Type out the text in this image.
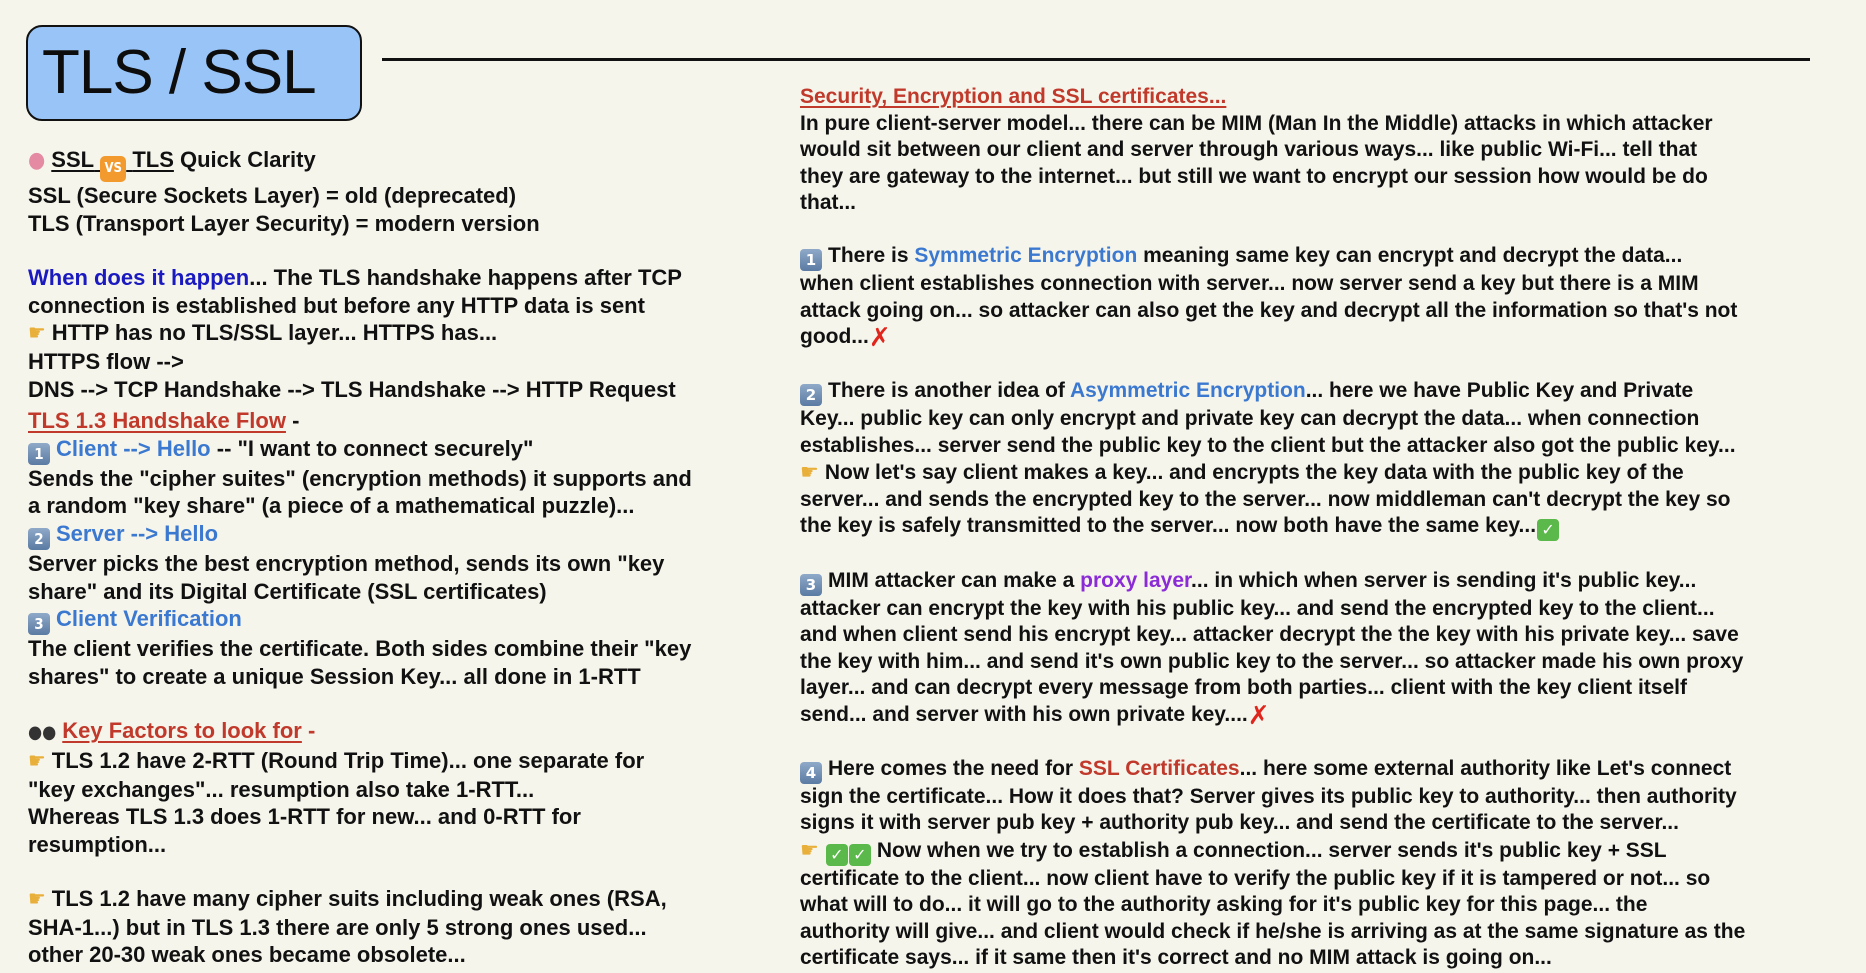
TLS / SSL
● SSL VS TLS Quick Clarity
SSL (Secure Sockets Layer) = old (deprecated)
TLS (Transport Layer Security) = modern version
When does it happen... The TLS handshake happens after TCP
connection is established but before any HTTP data is sent
☛ HTTP has no TLS/SSL layer... HTTPS has...
HTTPS flow -->
DNS --> TCP Handshake --> TLS Handshake --> HTTP Request
TLS 1.3 Handshake Flow -
1 Client --> Hello -- "I want to connect securely"
Sends the "cipher suites" (encryption methods) it supports and
a random "key share" (a piece of a mathematical puzzle)...
2 Server --> Hello
Server picks the best encryption method, sends its own "key
share" and its Digital Certificate (SSL certificates)
3 Client Verification
The client verifies the certificate. Both sides combine their "key
shares" to create a unique Session Key... all done in 1-RTT
●● Key Factors to look for -
☛ TLS 1.2 have 2-RTT (Round Trip Time)... one separate for
"key exchanges"... resumption also take 1-RTT...
Whereas TLS 1.3 does 1-RTT for new... and 0-RTT for
resumption...
☛ TLS 1.2 have many cipher suits including weak ones (RSA,
SHA-1...) but in TLS 1.3 there are only 5 strong ones used...
other 20-30 weak ones became obsolete...
Security, Encryption and SSL certificates...
In pure client-server model... there can be MIM (Man In the Middle) attacks in which attacker
would sit between our client and server through various ways... like public Wi-Fi... tell that
they are gateway to the internet... but still we want to encrypt our session how would be do
that...
1 There is Symmetric Encryption meaning same key can encrypt and decrypt the data...
when client establishes connection with server... now server send a key but there is a MIM
attack going on... so attacker can also get the key and decrypt all the information so that's not
good...✗
2 There is another idea of Asymmetric Encryption... here we have Public Key and Private
Key... public key can only encrypt and private key can decrypt the data... when connection
establishes... server send the public key to the client but the attacker also got the public key...
☛ Now let's say client makes a key... and encrypts the key data with the public key of the
server... and sends the encrypted key to the server... now middleman can't decrypt the key so
the key is safely transmitted to the server... now both have the same key... ✓
3 MIM attacker can make a proxy layer... in which when server is sending it's public key...
attacker can encrypt the key with his public key... and send the encrypted key to the client...
and when client send his encrypt key... attacker decrypt the the key with his private key... save
the key with him... and send it's own public key to the server... so attacker made his own proxy
layer... and can decrypt every message from both parties... client with the key client itself
send... and server with his own private key....✗
4 Here comes the need for SSL Certificates... here some external authority like Let's connect
sign the certificate... How it does that? Server gives its public key to authority... then authority
signs it with server pub key + authority pub key... and send the certificate to the server...
☛ ✓ ✓ Now when we try to establish a connection... server sends it's public key + SSL
certificate to the client... now client have to verify the public key if it is tampered or not... so
what will to do... it will go to the authority asking for it's public key for this page... the
authority will give... and client would check if he/she is arriving as at the same signature as the
certificate says... if it same then it's correct and no MIM attack is going on...
